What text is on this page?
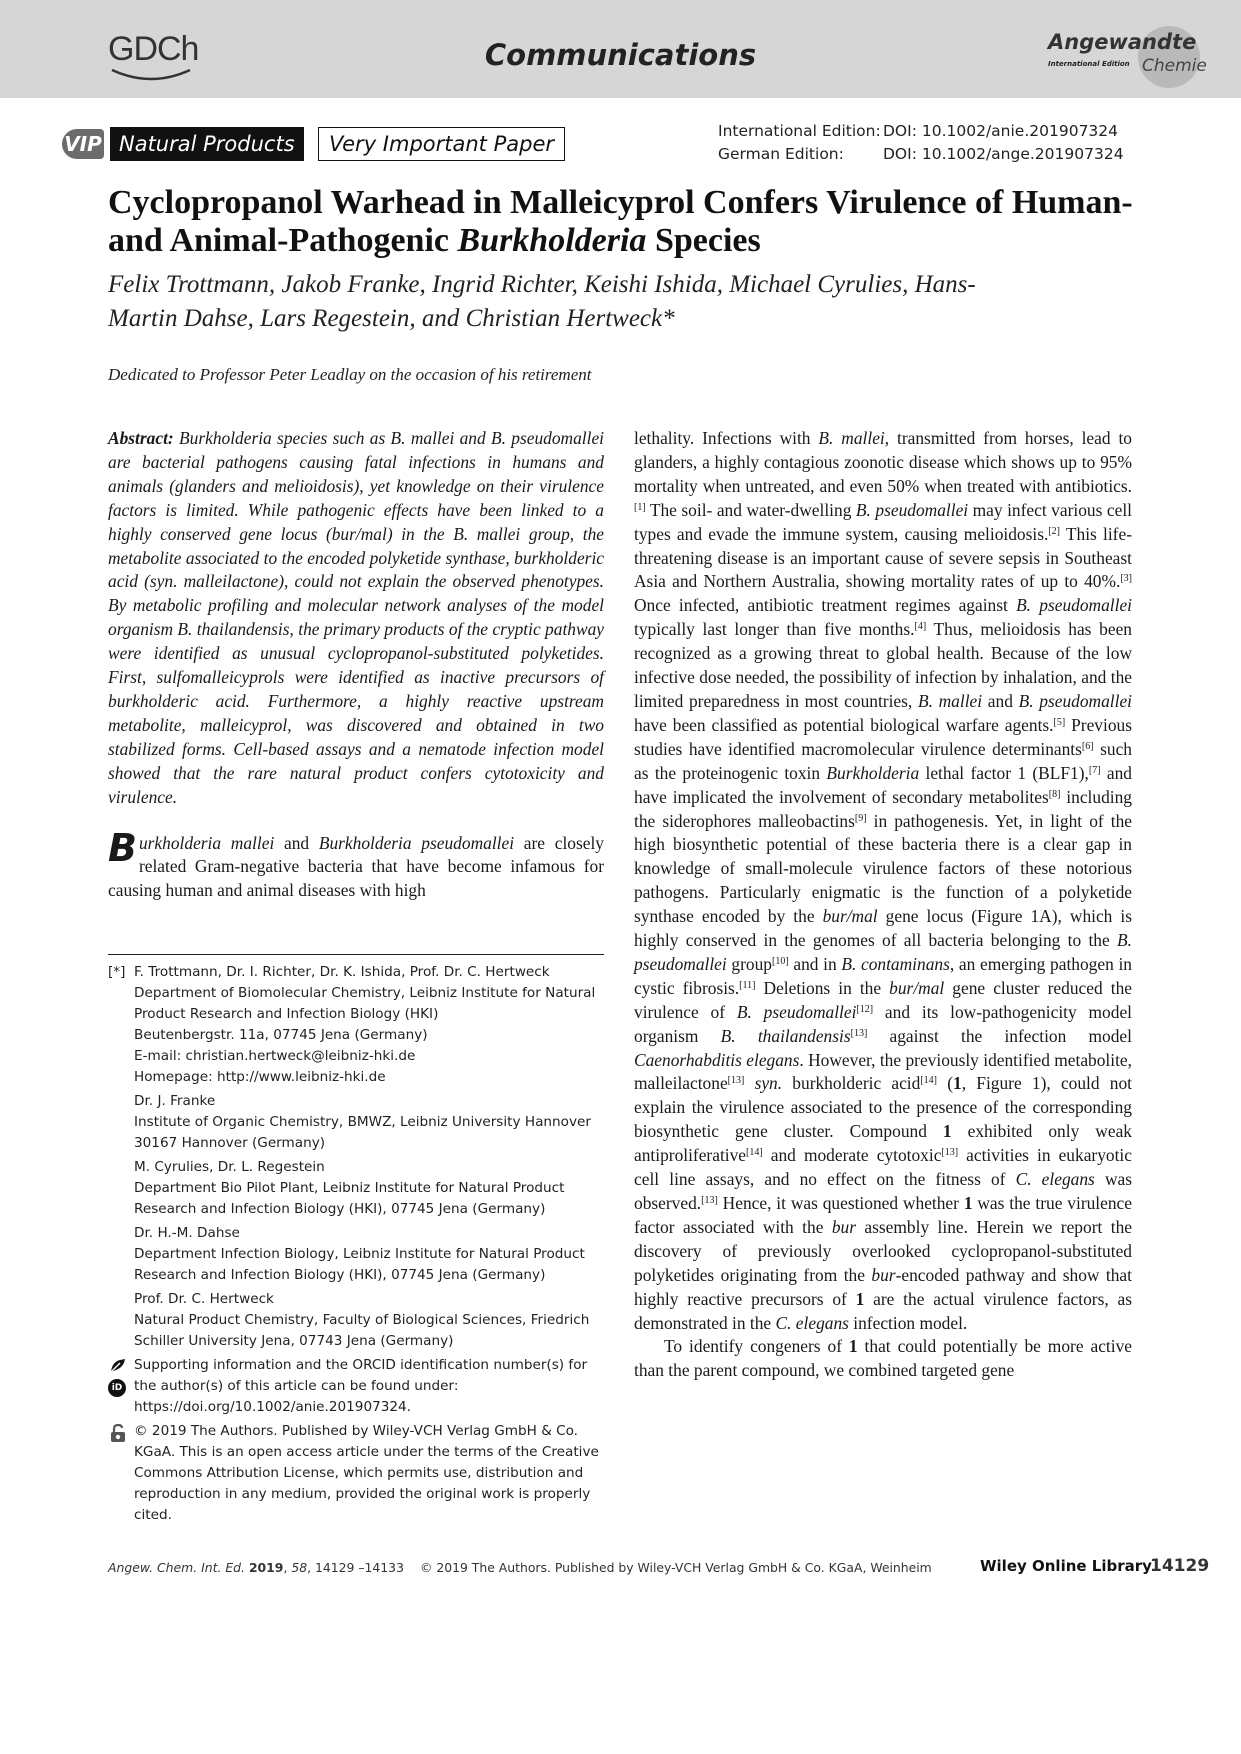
GDCh	Communications	Angewandte
International Edition Chemie
VIP Natural Products	Very Important Paper
International Edition: DOI: 10.1002/anie.201907324
German Edition:	DOI: 10.1002/ange.201907324
Cyclopropanol Warhead in Malleicyprol Confers Virulence of Human-
and Animal-Pathogenic Burkholderia Species
Felix Trottmann, Jakob Franke, Ingrid Richter, Keishi Ishida, Michael Cyrulies, Hans-
Martin Dahse, Lars Regestein, and Christian Hertweck*
Dedicated to Professor Peter Leadlay on the occasion of his retirement

Abstract: Burkholderia species such as B. mallei and B. pseudomallei are bacterial pathogens causing fatal infections in humans and animals (glanders and melioidosis), yet knowledge on their virulence factors is limited. While pathogenic effects have been linked to a highly conserved gene locus (bur/mal) in the B. mallei group, the metabolite associated to the encoded polyketide synthase, burkholderic acid (syn. malleilactone), could not explain the observed phenotypes. By metabolic profiling and molecular network analyses of the model organism B. thailandensis, the primary products of the cryptic pathway were identified as unusual cyclopropanol-substituted polyketides. First, sulfomalleicyprols were identified as inactive precursors of burkholderic acid. Furthermore, a highly reactive upstream metabolite, malleicyprol, was discovered and obtained in two stabilized forms. Cell-based assays and a nematode infection model showed that the rare natural product confers cytotoxicity and virulence.

Burkholderia mallei and Burkholderia pseudomallei are closely related Gram-negative bacteria that have become infamous for causing human and animal diseases with high

lethality. Infections with B. mallei, transmitted from horses, lead to glanders, a highly contagious zoonotic disease which shows up to 95% mortality when untreated, and even 50% when treated with antibiotics.[1] The soil- and water-dwelling B. pseudomallei may infect various cell types and evade the immune system, causing melioidosis.[2] This life-threatening disease is an important cause of severe sepsis in Southeast Asia and Northern Australia, showing mortality rates of up to 40%.[3] Once infected, antibiotic treatment regimes against B. pseudomallei typically last longer than five months.[4] Thus, melioidosis has been recognized as a growing threat to global health. Because of the low infective dose needed, the possibility of infection by inhalation, and the limited preparedness in most countries, B. mallei and B. pseudomallei have been classified as potential biological warfare agents.[5] Previous studies have identified macromolecular virulence determinants[6] such as the proteinogenic toxin Burkholderia lethal factor 1 (BLF1),[7] and have implicated the involvement of secondary metabolites[8] including the siderophores malleobactins[9] in pathogenesis. Yet, in light of the high biosynthetic potential of these bacteria there is a clear gap in knowledge of small-molecule virulence factors of these notorious pathogens. Particularly enigmatic is the function of a polyketide synthase encoded by the bur/mal gene locus (Figure 1A), which is highly conserved in the genomes of all bacteria belonging to the B. pseudomallei group[10] and in B. contaminans, an emerging pathogen in cystic fibrosis.[11] Deletions in the bur/mal gene cluster reduced the virulence of B. pseudomallei[12] and its low-pathogenicity model organism B. thailandensis[13] against the infection model Caenorhabditis elegans. However, the previously identified metabolite, malleilactone[13] syn. burkholderic acid[14] (1, Figure 1), could not explain the virulence associated to the presence of the corresponding biosynthetic gene cluster. Compound 1 exhibited only weak antiproliferative[14] and moderate cytotoxic[13] activities in eukaryotic cell line assays, and no effect on the fitness of C. elegans was observed.[13] Hence, it was questioned whether 1 was the true virulence factor associated with the bur assembly line. Herein we report the discovery of previously overlooked cyclopropanol-substituted polyketides originating from the bur-encoded pathway and show that highly reactive precursors of 1 are the actual virulence factors, as demonstrated in the C. elegans infection model.

To identify congeners of 1 that could potentially be more active than the parent compound, we combined targeted gene

[*] F. Trottmann, Dr. I. Richter, Dr. K. Ishida, Prof. Dr. C. Hertweck
Department of Biomolecular Chemistry, Leibniz Institute for Natural Product Research and Infection Biology (HKI)
Beutenbergstr. 11a, 07745 Jena (Germany)
E-mail: christian.hertweck@leibniz-hki.de
Homepage: http://www.leibniz-hki.de
Dr. J. Franke
Institute of Organic Chemistry, BMWZ, Leibniz University Hannover 30167 Hannover (Germany)
M. Cyrulies, Dr. L. Regestein
Department Bio Pilot Plant, Leibniz Institute for Natural Product Research and Infection Biology (HKI), 07745 Jena (Germany)
Dr. H.-M. Dahse
Department Infection Biology, Leibniz Institute for Natural Product Research and Infection Biology (HKI), 07745 Jena (Germany)
Prof. Dr. C. Hertweck
Natural Product Chemistry, Faculty of Biological Sciences, Friedrich Schiller University Jena, 07743 Jena (Germany)
iD
Supporting information and the ORCID identification number(s) for the author(s) of this article can be found under: https://doi.org/10.1002/anie.201907324.
© 2019 The Authors. Published by Wiley-VCH Verlag GmbH & Co. KGaA. This is an open access article under the terms of the Creative Commons Attribution License, which permits use, distribution and reproduction in any medium, provided the original work is properly cited.
Angew. Chem. Int. Ed. 2019, 58, 14129 –14133 © 2019 The Authors. Published by Wiley-VCH Verlag GmbH & Co. KGaA, Weinheim	Wiley Online Library
14129
